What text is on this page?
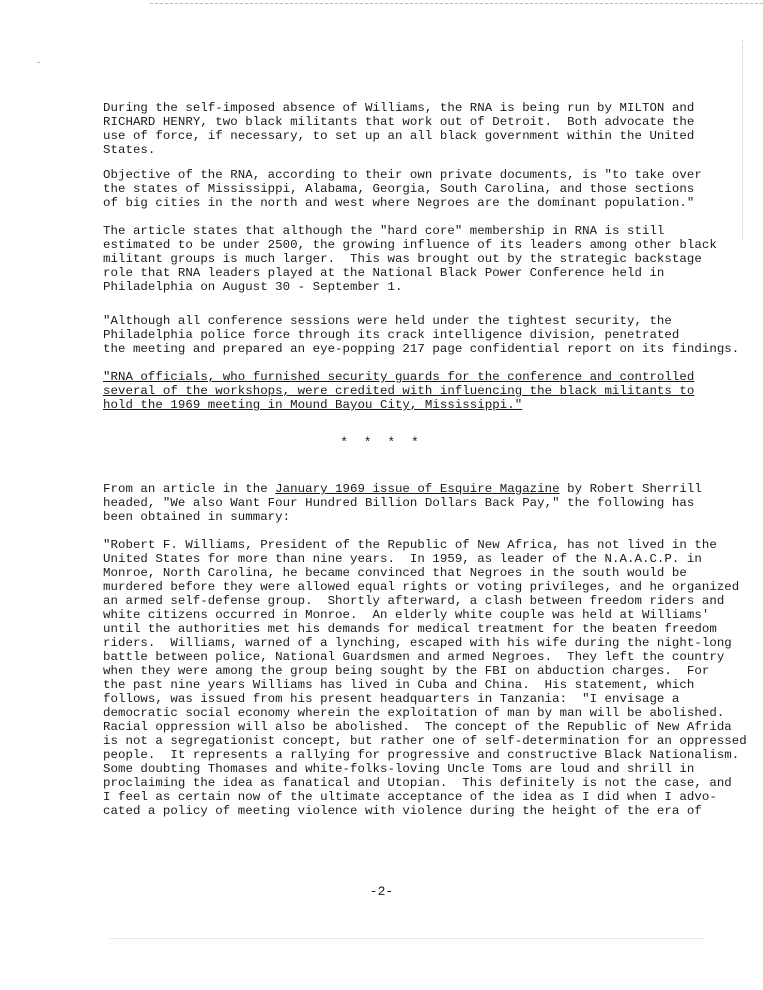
-
During the self-imposed absence of Williams, the RNA is being run by MILTON and
RICHARD HENRY, two black militants that work out of Detroit.  Both advocate the
use of force, if necessary, to set up an all black government within the United
States.
Objective of the RNA, according to their own private documents, is "to take over
the states of Mississippi, Alabama, Georgia, South Carolina, and those sections
of big cities in the north and west where Negroes are the dominant population."
The article states that although the "hard core" membership in RNA is still
estimated to be under 2500, the growing influence of its leaders among other black
militant groups is much larger.  This was brought out by the strategic backstage
role that RNA leaders played at the National Black Power Conference held in
Philadelphia on August 30 - September 1.
"Although all conference sessions were held under the tightest security, the
Philadelphia police force through its crack intelligence division, penetrated
the meeting and prepared an eye-popping 217 page confidential report on its findings.
"RNA officials, who furnished security guards for the conference and controlled
several of the workshops, were credited with influencing the black militants to
hold the 1969 meeting in Mound Bayou City, Mississippi."
* * * *
From an article in the January 1969 issue of Esquire Magazine by Robert Sherrill
headed, "We also Want Four Hundred Billion Dollars Back Pay," the following has
been obtained in summary:
"Robert F. Williams, President of the Republic of New Africa, has not lived in the
United States for more than nine years.  In 1959, as leader of the N.A.A.C.P. in
Monroe, North Carolina, he became convinced that Negroes in the south would be
murdered before they were allowed equal rights or voting privileges, and he organized
an armed self-defense group.  Shortly afterward, a clash between freedom riders and
white citizens occurred in Monroe.  An elderly white couple was held at Williams'
until the authorities met his demands for medical treatment for the beaten freedom
riders.  Williams, warned of a lynching, escaped with his wife during the night-long
battle between police, National Guardsmen and armed Negroes.  They left the country
when they were among the group being sought by the FBI on abduction charges.  For
the past nine years Williams has lived in Cuba and China.  His statement, which
follows, was issued from his present headquarters in Tanzania:  "I envisage a
democratic social economy wherein the exploitation of man by man will be abolished.
Racial oppression will also be abolished.  The concept of the Republic of New Afrida
is not a segregationist concept, but rather one of self-determination for an oppressed
people.  It represents a rallying for progressive and constructive Black Nationalism.
Some doubting Thomases and white-folks-loving Uncle Toms are loud and shrill in
proclaiming the idea as fanatical and Utopian.  This definitely is not the case, and
I feel as certain now of the ultimate acceptance of the idea as I did when I advo-
cated a policy of meeting violence with violence during the height of the era of
-2-
